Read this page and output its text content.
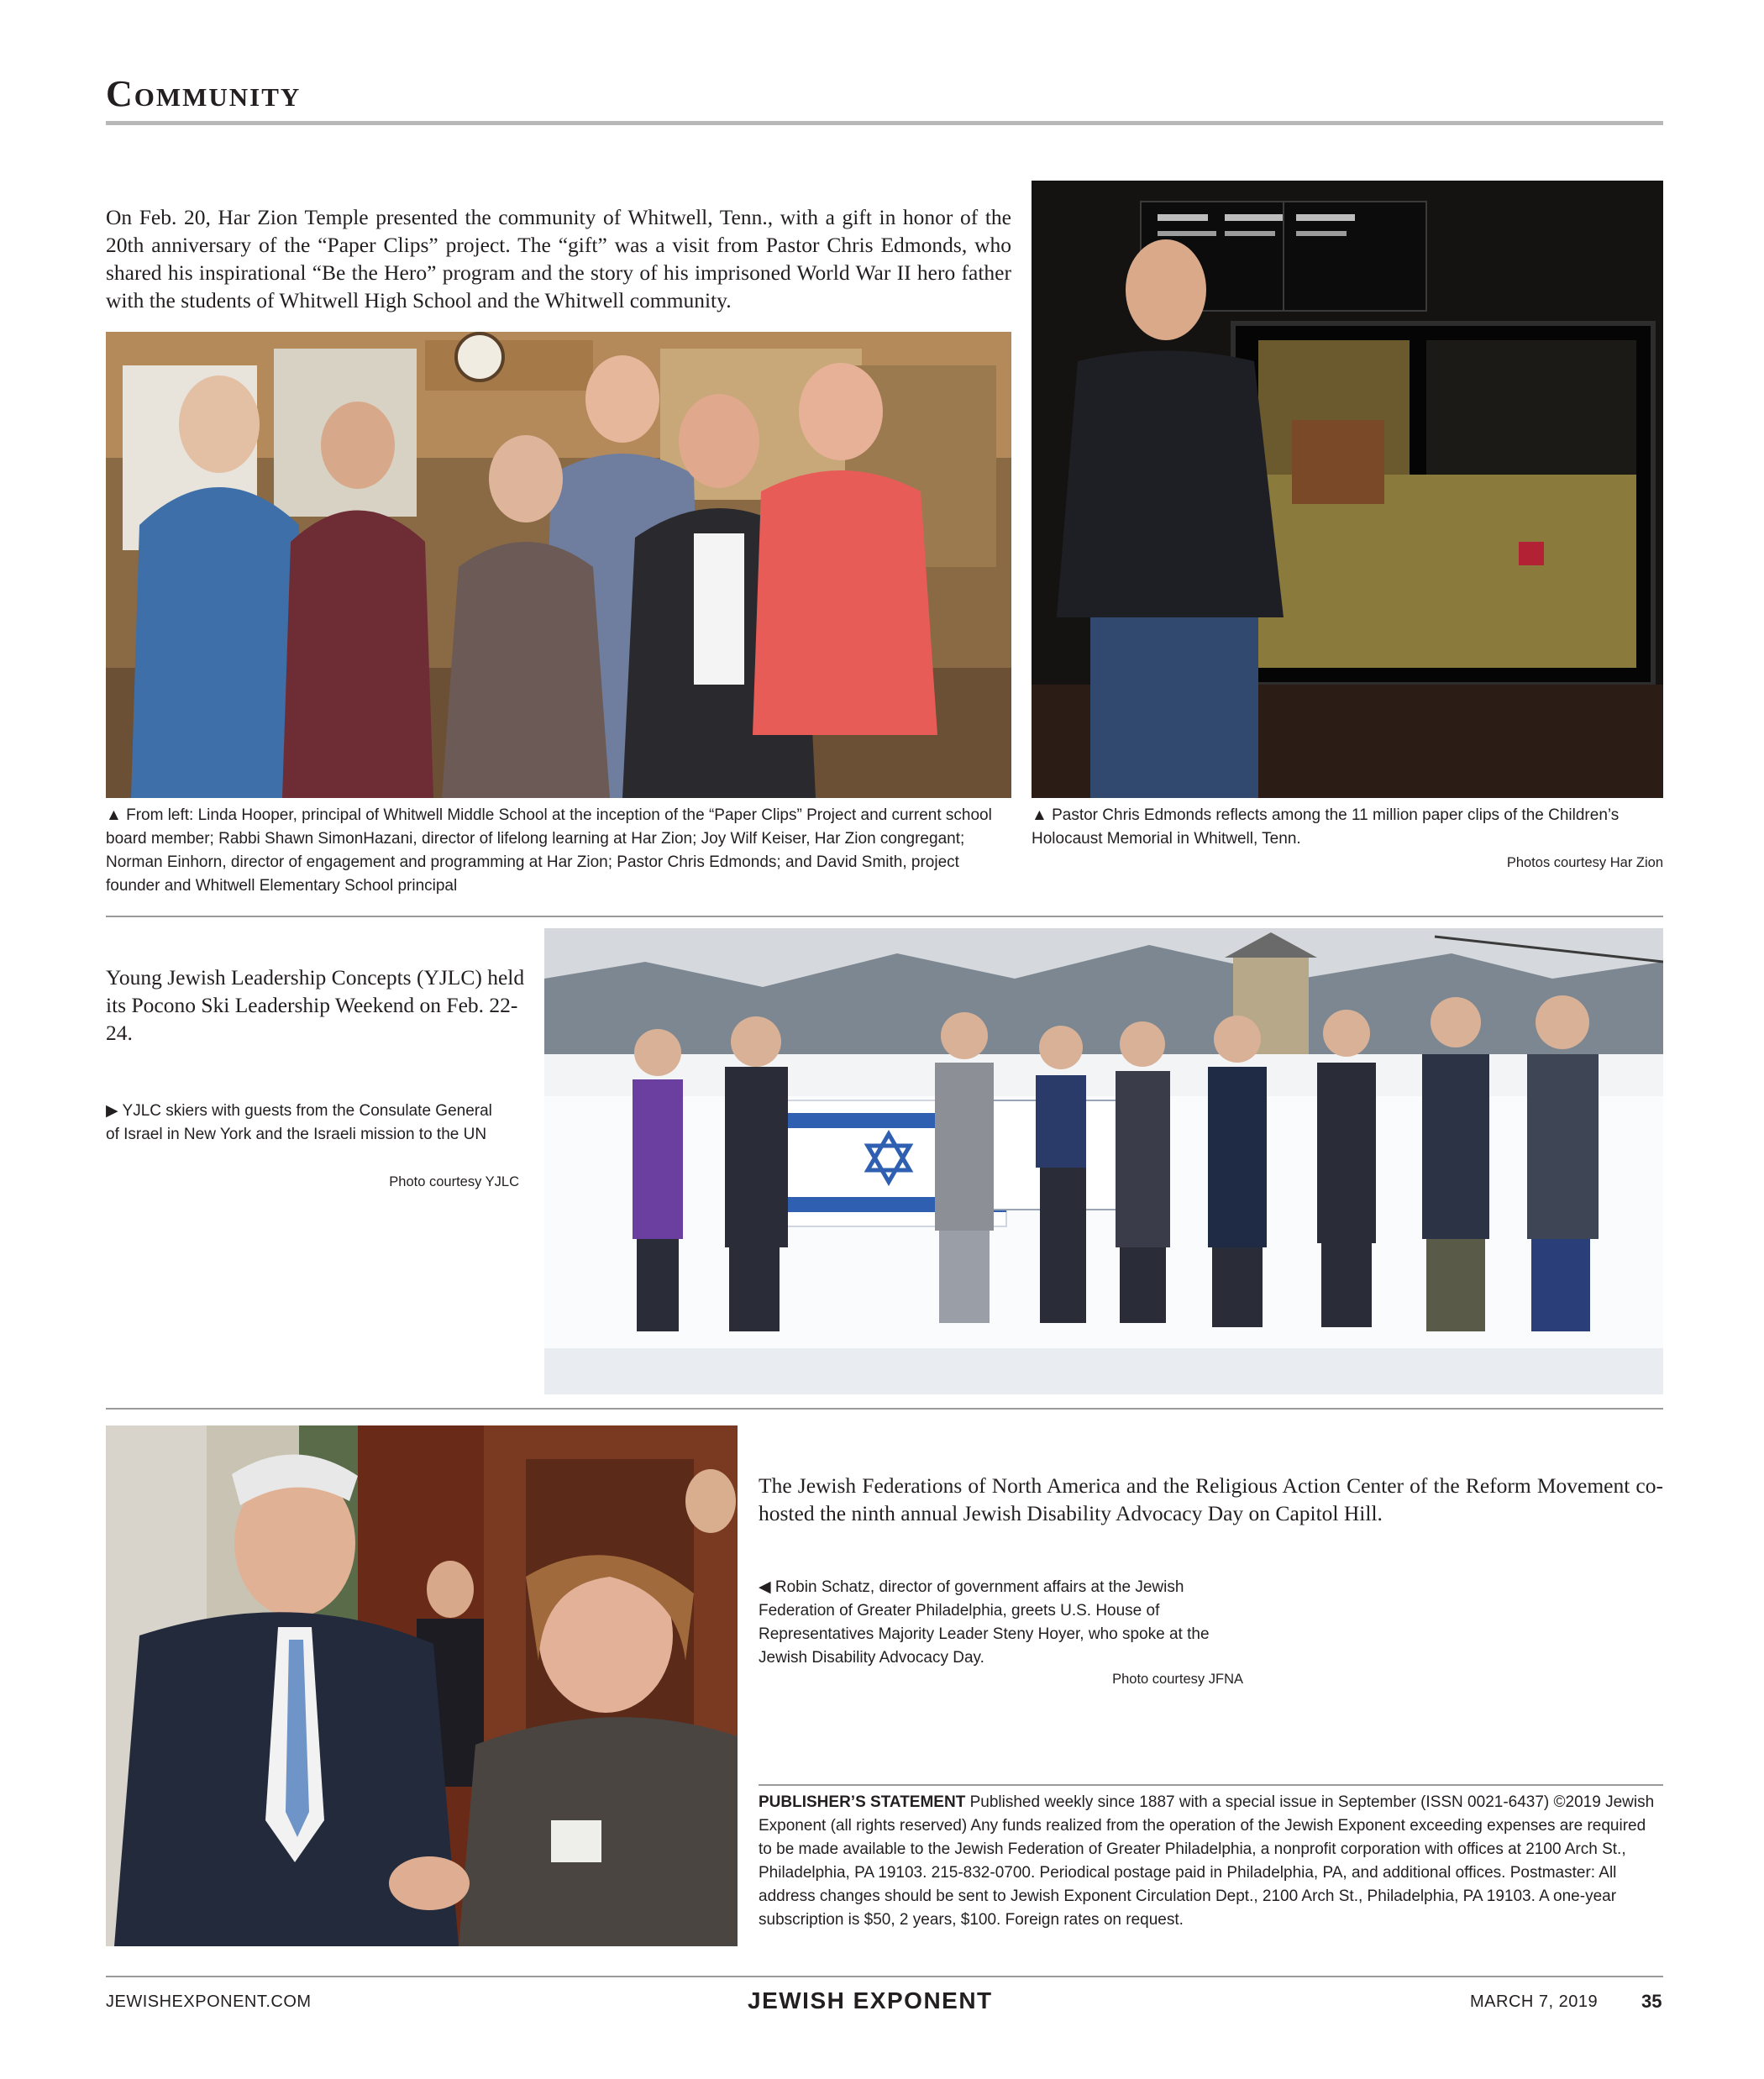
Community
On Feb. 20, Har Zion Temple presented the community of Whitwell, Tenn., with a gift in honor of the 20th anniversary of the “Paper Clips” project. The “gift” was a visit from Pastor Chris Edmonds, who shared his inspirational “Be the Hero” program and the story of his imprisoned World War II hero father with the students of Whitwell High School and the Whitwell community.
▲ From left: Linda Hooper, principal of Whitwell Middle School at the inception of the “Paper Clips” Project and current school board member; Rabbi Shawn SimonHazani, director of lifelong learning at Har Zion; Joy Wilf Keiser, Har Zion congregant; Norman Einhorn, director of engagement and programming at Har Zion; Pastor Chris Edmonds; and David Smith, project founder and Whitwell Elementary School principal
▲ Pastor Chris Edmonds reflects among the 11 million paper clips of the Children’s Holocaust Memorial in Whitwell, Tenn.
Photos courtesy Har Zion
Young Jewish Leadership Concepts (YJLC) held its Pocono Ski Leadership Weekend on Feb. 22-24.
▶ YJLC skiers with guests from the Consulate General of Israel in New York and the Israeli mission to the UN
Photo courtesy YJLC
The Jewish Federations of North America and the Religious Action Center of the Reform Movement co-hosted the ninth annual Jewish Disability Advocacy Day on Capitol Hill.
◀ Robin Schatz, director of government affairs at the Jewish Federation of Greater Philadelphia, greets U.S. House of Representatives Majority Leader Steny Hoyer, who spoke at the Jewish Disability Advocacy Day.
Photo courtesy JFNA
PUBLISHER’S STATEMENT Published weekly since 1887 with a special issue in September (ISSN 0021-6437) ©2019 Jewish Exponent (all rights reserved) Any funds realized from the operation of the Jewish Exponent exceeding expenses are required to be made available to the Jewish Federation of Greater Philadelphia, a nonprofit corporation with offices at 2100 Arch St., Philadelphia, PA 19103. 215-832-0700. Periodical postage paid in Philadelphia, PA, and additional offices. Postmaster: All address changes should be sent to Jewish Exponent Circulation Dept., 2100 Arch St., Philadelphia, PA 19103. A one-year subscription is $50, 2 years, $100. Foreign rates on request.
JEWISHEXPONENT.COM	JEWISH EXPONENT	MARCH 7, 2019 35
